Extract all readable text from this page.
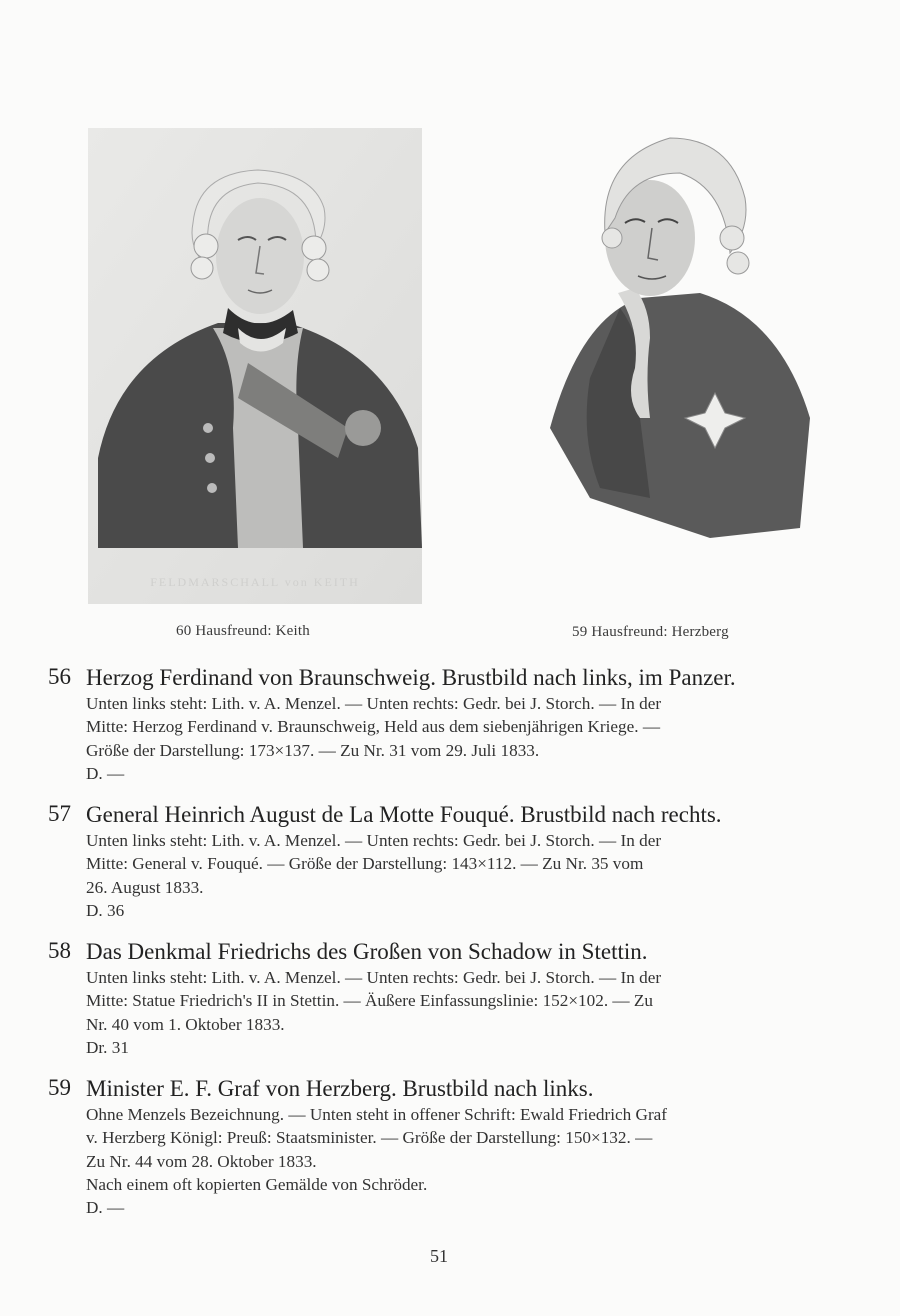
FELDMARSCHALL von KEITH
60 Hausfreund: Keith	59 Hausfreund: Herzberg
56 Herzog Ferdinand von Braunschweig. Brustbild nach links, im Panzer.

Unten links steht: Lith. v. A. Menzel. — Unten rechts: Gedr. bei J. Storch. — In der

Mitte: Herzog Ferdinand v. Braunschweig, Held aus dem siebenjährigen Kriege. —

Größe der Darstellung: 173×137. — Zu Nr. 31 vom 29. Juli 1833.

D. —

57 General Heinrich August de La Motte Fouqué. Brustbild nach rechts.

Unten links steht: Lith. v. A. Menzel. — Unten rechts: Gedr. bei J. Storch. — In der

Mitte: General v. Fouqué. — Größe der Darstellung: 143×112. — Zu Nr. 35 vom

26. August 1833.

D. 36

58 Das Denkmal Friedrichs des Großen von Schadow in Stettin.

Unten links steht: Lith. v. A. Menzel. — Unten rechts: Gedr. bei J. Storch. — In der

Mitte: Statue Friedrich's II in Stettin. — Äußere Einfassungslinie: 152×102. — Zu

Nr. 40 vom 1. Oktober 1833.

Dr. 31

59 Minister E. F. Graf von Herzberg. Brustbild nach links.

Ohne Menzels Bezeichnung. — Unten steht in offener Schrift: Ewald Friedrich Graf

v. Herzberg Königl: Preuß: Staatsminister. — Größe der Darstellung: 150×132. —

Zu Nr. 44 vom 28. Oktober 1833.

Nach einem oft kopierten Gemälde von Schröder.

D. —

51
